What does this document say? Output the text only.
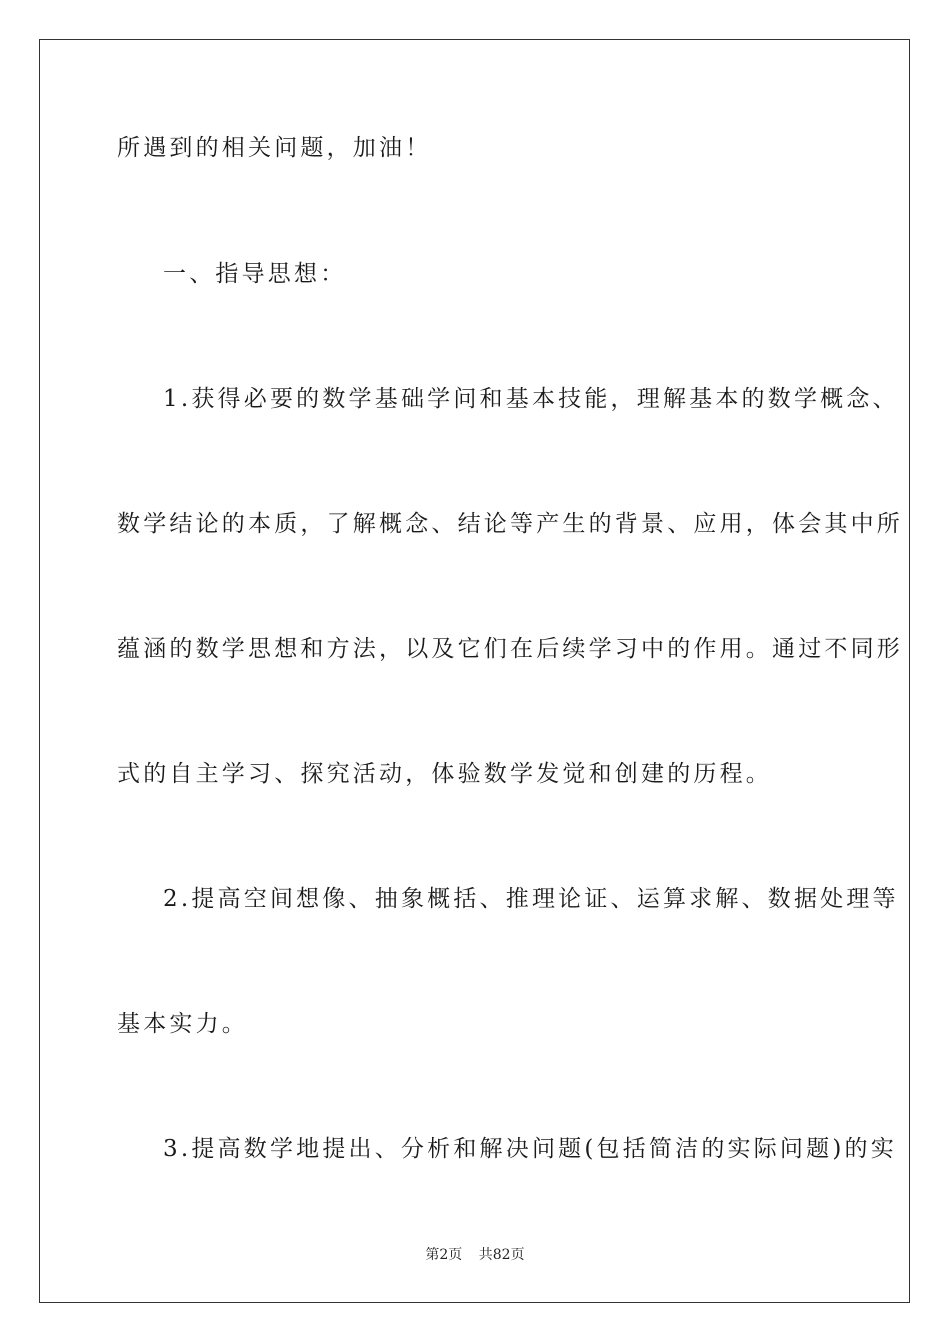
所遇到的相关问题，加油！
一、指导思想：
1.获得必要的数学基础学问和基本技能，理解基本的数学概念、
数学结论的本质，了解概念、结论等产生的背景、应用，体会其中所
蕴涵的数学思想和方法，以及它们在后续学习中的作用。通过不同形
式的自主学习、探究活动，体验数学发觉和创建的历程。
2.提高空间想像、抽象概括、推理论证、运算求解、数据处理等
基本实力。
3.提高数学地提出、分析和解决问题(包括简洁的实际问题)的实
第2页 共82页
